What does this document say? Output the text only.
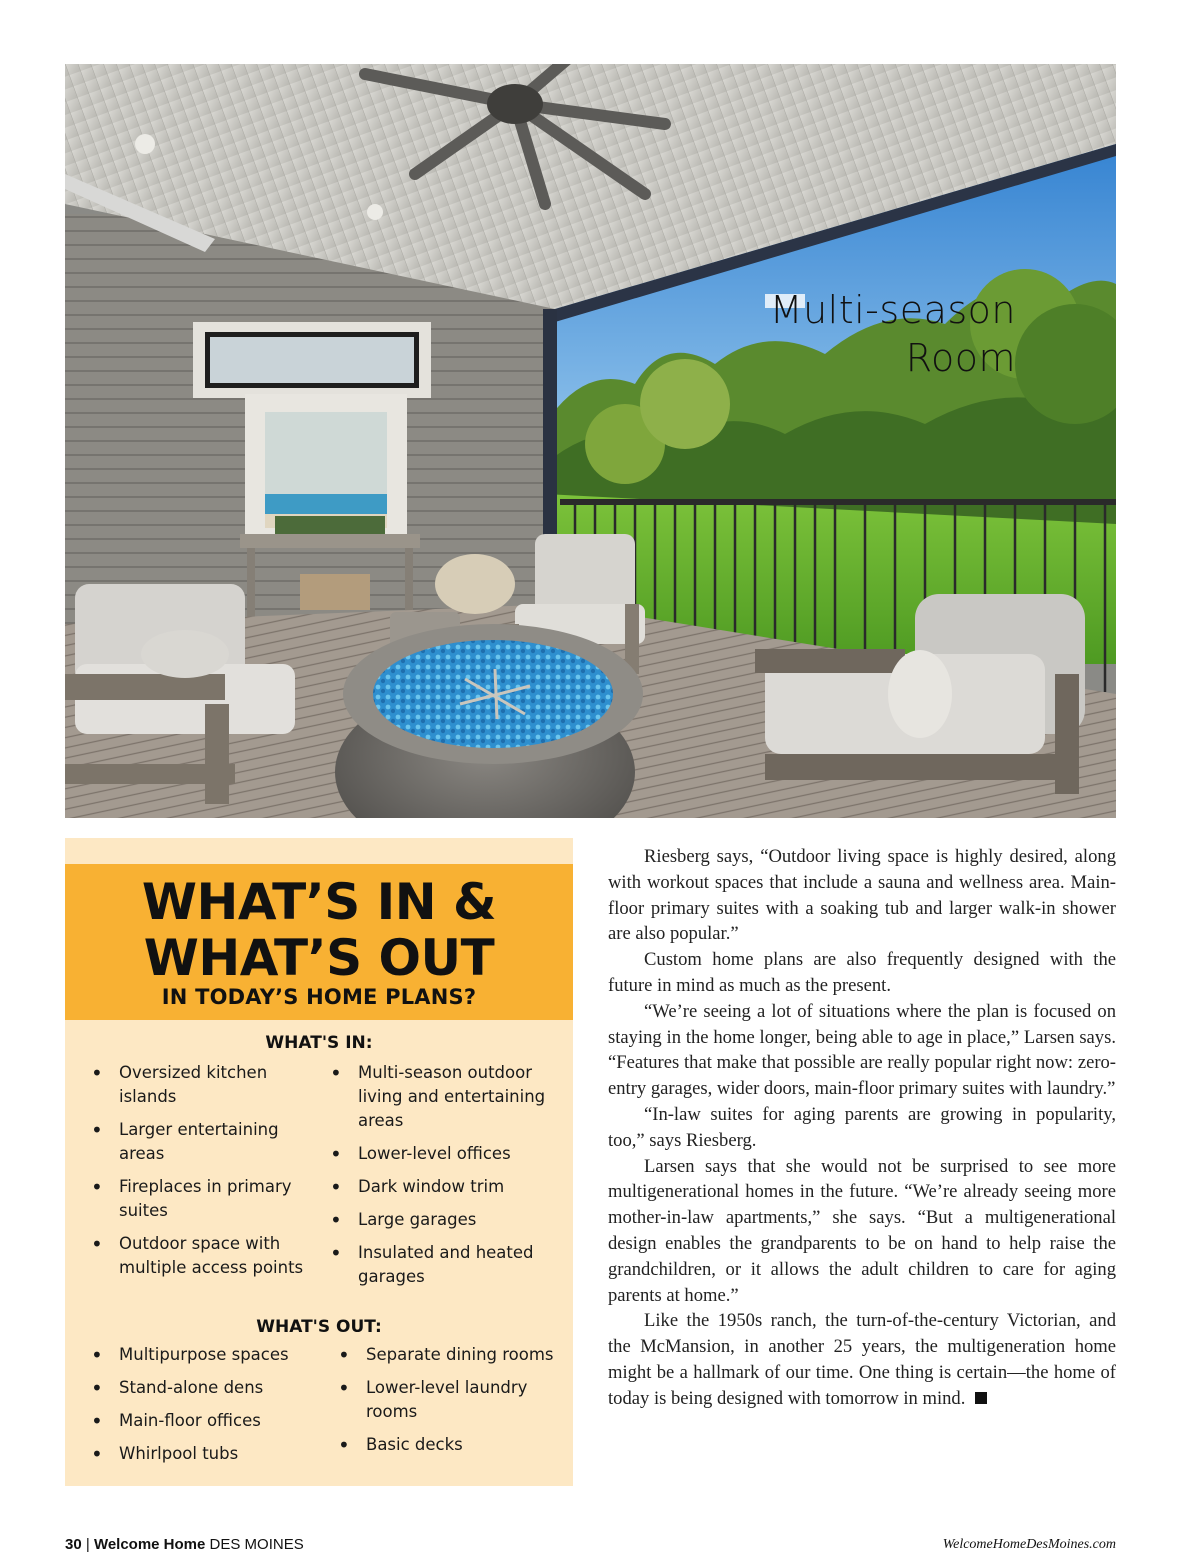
Multi-season
Room
WHAT’S IN &
WHAT’S OUT
IN TODAY’S HOME PLANS?
WHAT'S IN:
• Oversized kitchen islands
• Larger entertaining areas
• Fireplaces in primary suites
• Outdoor space with multiple access points
• Multi-season outdoor living and entertaining areas
• Lower-level offices
• Dark window trim
• Large garages
• Insulated and heated garages
WHAT'S OUT:
• Multipurpose spaces
• Stand-alone dens
• Main-floor offices
• Whirlpool tubs
• Separate dining rooms
• Lower-level laundry rooms
• Basic decks

Riesberg says, “Outdoor living space is highly desired, along with workout spaces that include a sauna and wellness area. Main-floor primary suites with a soaking tub and larger walk-in shower are also popular.”

Custom home plans are also frequently designed with the future in mind as much as the present.

“We’re seeing a lot of situations where the plan is focused on staying in the home longer, being able to age in place,” Larsen says. “Features that make that possible are really popular right now: zero-entry garages, wider doors, main-floor primary suites with laundry.”

“In-law suites for aging parents are growing in popularity, too,” says Riesberg.

Larsen says that she would not be surprised to see more multigenerational homes in the future. “We’re already seeing more mother-in-law apartments,” she says. “But a multigenerational design enables the grandparents to be on hand to help raise the grandchildren, or it allows the adult children to care for aging parents at home.”

Like the 1950s ranch, the turn-of-the-century Victorian, and the McMansion, in another 25 years, the multigeneration home might be a hallmark of our time. One thing is certain—the home of today is being designed with tomorrow in mind.

30 | Welcome Home DES MOINES	WelcomeHomeDesMoines.com
